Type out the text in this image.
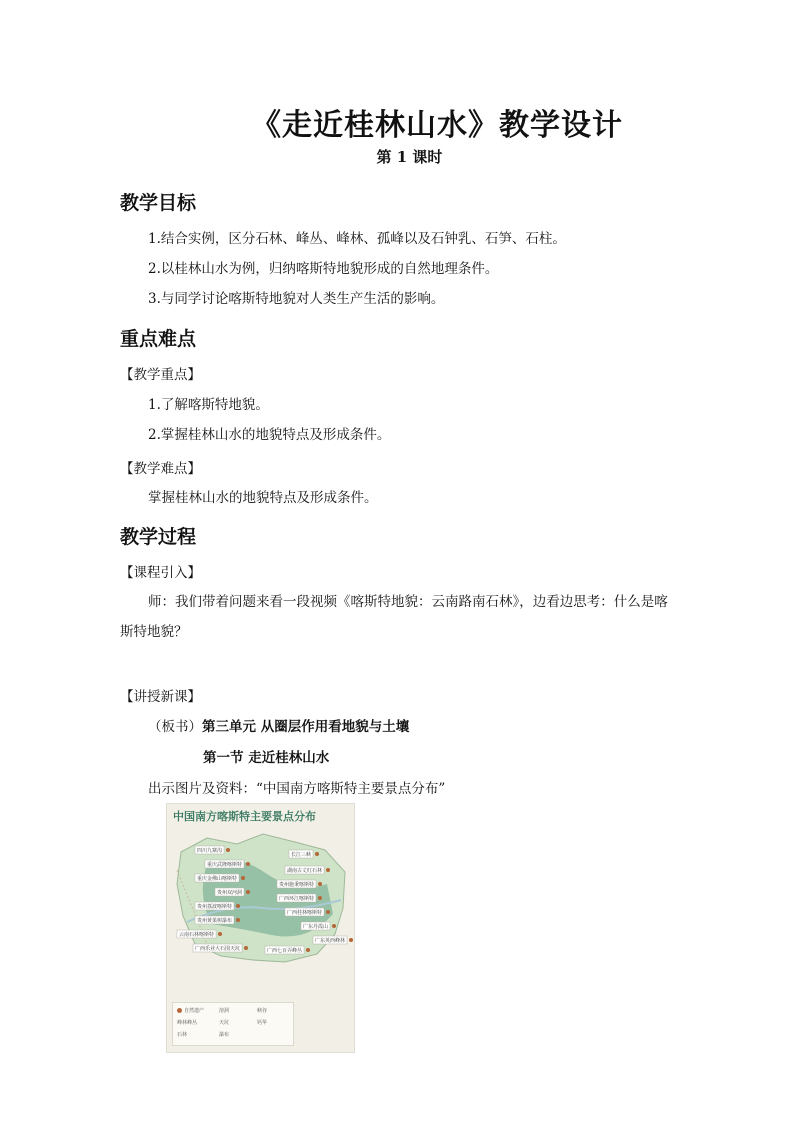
《走近桂林山水》教学设计
第 1 课时
教学目标
1.结合实例，区分石林、峰丛、峰林、孤峰以及石钟乳、石笋、石柱。
2.以桂林山水为例，归纳喀斯特地貌形成的自然地理条件。
3.与同学讨论喀斯特地貌对人类生产生活的影响。
重点难点
【教学重点】
1.了解喀斯特地貌。
2.掌握桂林山水的地貌特点及形成条件。
【教学难点】
掌握桂林山水的地貌特点及形成条件。
教学过程
【课程引入】
师：我们带着问题来看一段视频《喀斯特地貌：云南路南石林》，边看边思考：什么是喀斯特地貌？
【讲授新课】
（板书）第三单元 从圈层作用看地貌与土壤
第一节 走近桂林山水
出示图片及资料：“中国南方喀斯特主要景点分布”
中国南方喀斯特主要景点分布
四川九寨沟
重庆武隆喀斯特
重庆金佛山喀斯特
贵州双河洞
贵州荔波喀斯特
贵州黄果树瀑布
云南石林喀斯特
广西乐业大石围天坑
长江三峡
湖南古丈红石林
贵州施秉喀斯特
广西环江喀斯特
广西桂林喀斯特
广东丹霞山
广东英西峰林
广西七百弄峰丛
自然遗产	溶洞	峡谷
峰林峰丛	天坑	钙华
石林	瀑布
